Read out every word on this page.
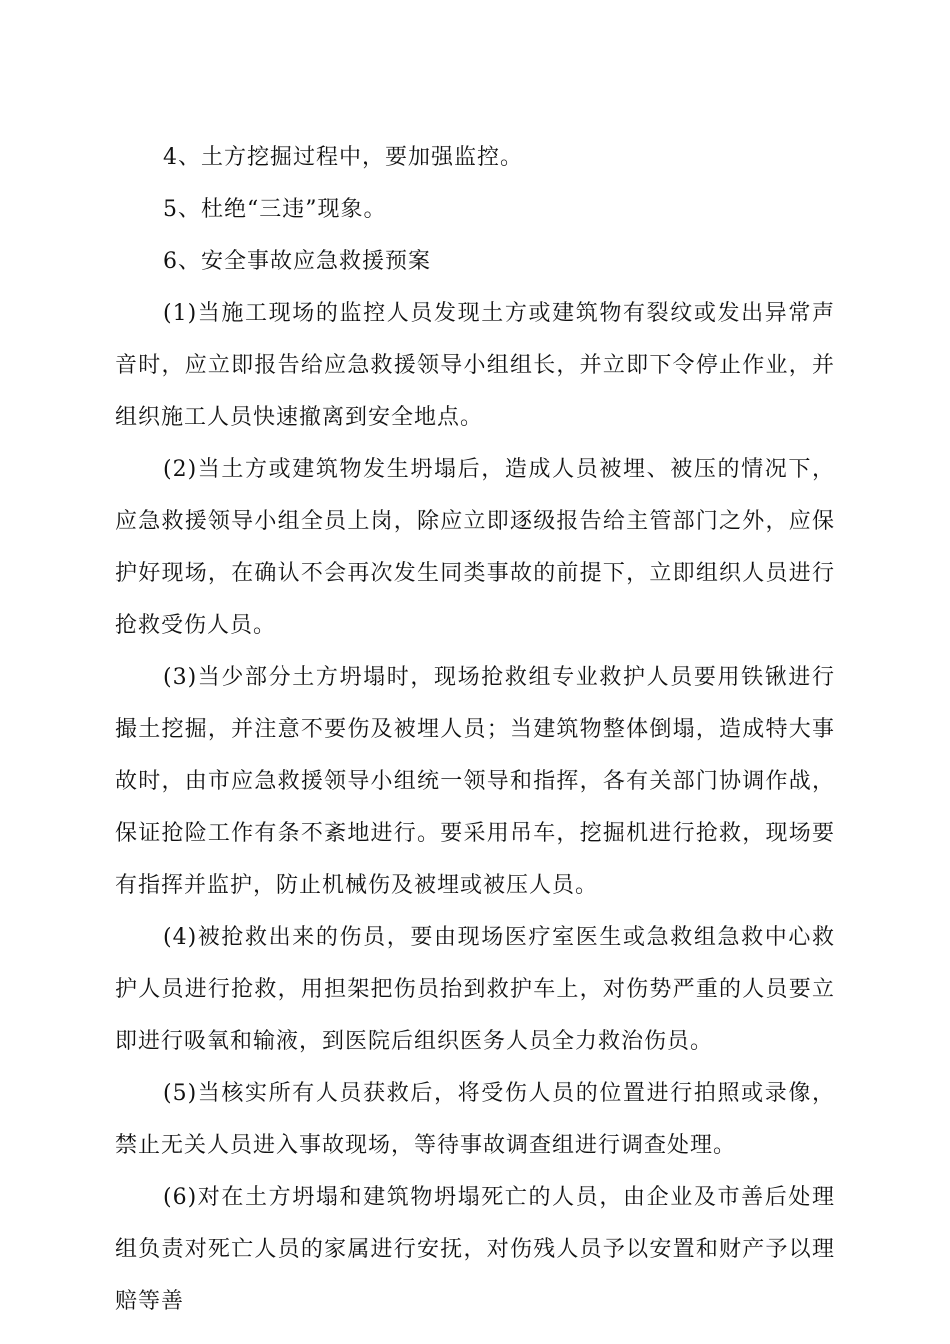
4、土方挖掘过程中，要加强监控。

5、杜绝“三违”现象。

6、安全事故应急救援预案

(1)当施工现场的监控人员发现土方或建筑物有裂纹或发出异常声音时，应立即报告给应急救援领导小组组长，并立即下令停止作业，并组织施工人员快速撤离到安全地点。

(2)当土方或建筑物发生坍塌后，造成人员被埋、被压的情况下，应急救援领导小组全员上岗，除应立即逐级报告给主管部门之外，应保护好现场，在确认不会再次发生同类事故的前提下，立即组织人员进行抢救受伤人员。

(3)当少部分土方坍塌时，现场抢救组专业救护人员要用铁锹进行撮土挖掘，并注意不要伤及被埋人员；当建筑物整体倒塌，造成特大事故时，由市应急救援领导小组统一领导和指挥，各有关部门协调作战，保证抢险工作有条不紊地进行。要采用吊车，挖掘机进行抢救，现场要有指挥并监护，防止机械伤及被埋或被压人员。

(4)被抢救出来的伤员，要由现场医疗室医生或急救组急救中心救护人员进行抢救，用担架把伤员抬到救护车上，对伤势严重的人员要立即进行吸氧和输液，到医院后组织医务人员全力救治伤员。

(5)当核实所有人员获救后，将受伤人员的位置进行拍照或录像，禁止无关人员进入事故现场，等待事故调查组进行调查处理。

(6)对在土方坍塌和建筑物坍塌死亡的人员，由企业及市善后处理组负责对死亡人员的家属进行安抚，对伤残人员予以安置和财产予以理赔等善
